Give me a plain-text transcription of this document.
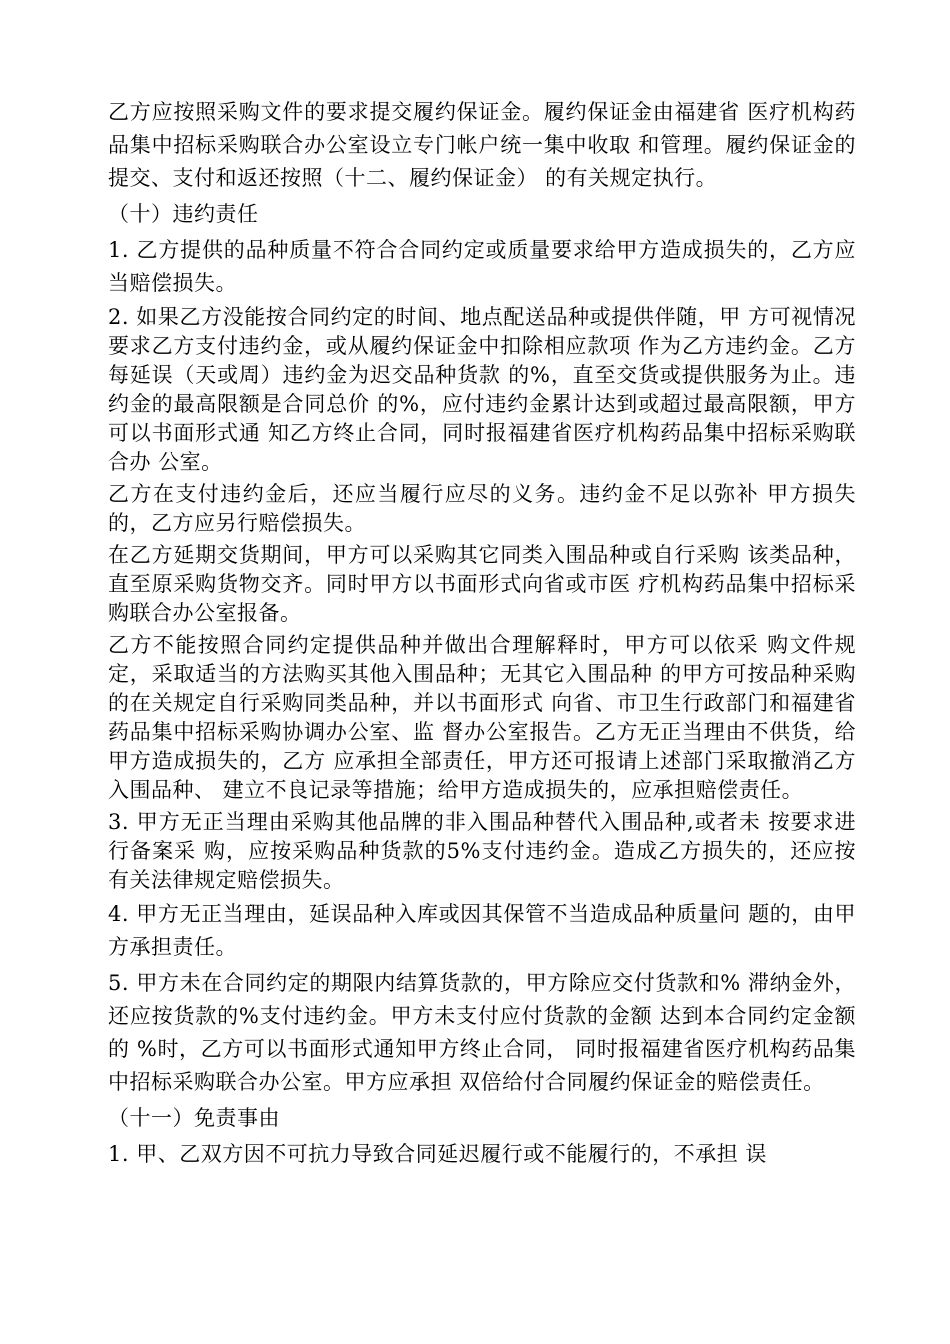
乙方应按照采购文件的要求提交履约保证金。履约保证金由福建省 医疗机构药品集中招标采购联合办公室设立专门帐户统一集中收取 和管理。履约保证金的提交、支付和返还按照（十二、履约保证金） 的有关规定执行。

（十）违约责任

1. 乙方提供的品种质量不符合合同约定或质量要求给甲方造成损失的，乙方应当赔偿损失。

2. 如果乙方没能按合同约定的时间、地点配送品种或提供伴随，甲 方可视情况要求乙方支付违约金，或从履约保证金中扣除相应款项 作为乙方违约金。乙方每延误（天或周）违约金为迟交品种货款 的%，直至交货或提供服务为止。违约金的最高限额是合同总价 的%，应付违约金累计达到或超过最高限额，甲方可以书面形式通 知乙方终止合同，同时报福建省医疗机构药品集中招标采购联合办 公室。

乙方在支付违约金后，还应当履行应尽的义务。违约金不足以弥补 甲方损失的，乙方应另行赔偿损失。

在乙方延期交货期间，甲方可以采购其它同类入围品种或自行采购 该类品种，直至原采购货物交齐。同时甲方以书面形式向省或市医 疗机构药品集中招标采购联合办公室报备。

乙方不能按照合同约定提供品种并做出合理解释时，甲方可以依采 购文件规定，采取适当的方法购买其他入围品种；无其它入围品种 的甲方可按品种采购的在关规定自行采购同类品种，并以书面形式 向省、市卫生行政部门和福建省药品集中招标采购协调办公室、监 督办公室报告。乙方无正当理由不供货，给甲方造成损失的，乙方 应承担全部责任，甲方还可报请上述部门采取撤消乙方入围品种、 建立不良记录等措施；给甲方造成损失的，应承担赔偿责任。

3. 甲方无正当理由采购其他品牌的非入围品种替代入围品种,或者未 按要求进行备案采 购，应按采购品种货款的5%支付违约金。造成乙方损失的，还应按 有关法律规定赔偿损失。

4. 甲方无正当理由，延误品种入库或因其保管不当造成品种质量问 题的，由甲方承担责任。

5. 甲方未在合同约定的期限内结算货款的，甲方除应交付货款和% 滞纳金外，还应按货款的%支付违约金。甲方未支付应付货款的金额 达到本合同约定金额的 %时，乙方可以书面形式通知甲方终止合同， 同时报福建省医疗机构药品集中招标采购联合办公室。甲方应承担 双倍给付合同履约保证金的赔偿责任。

（十一）免责事由

1. 甲、乙双方因不可抗力导致合同延迟履行或不能履行的，不承担 误
